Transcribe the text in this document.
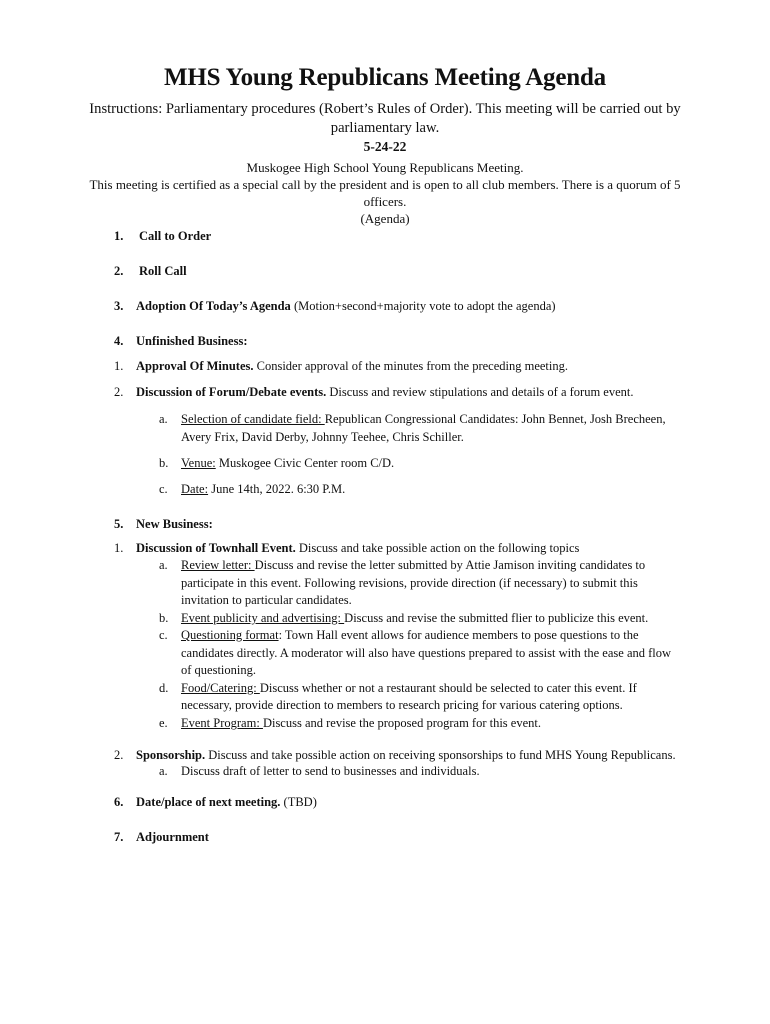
MHS Young Republicans Meeting Agenda
Instructions: Parliamentary procedures (Robert’s Rules of Order). This meeting will be carried out by
parliamentary law.
5-24-22
Muskogee High School Young Republicans Meeting.
This meeting is certified as a special call by the president and is open to all club members. There is a quorum of 5
officers.
(Agenda)
1. Call to Order
2. Roll Call
3. Adoption Of Today’s Agenda (Motion+second+majority vote to adopt the agenda)
4. Unfinished Business:
1. Approval Of Minutes. Consider approval of the minutes from the preceding meeting.
2. Discussion of Forum/Debate events. Discuss and review stipulations and details of a forum event.
a. Selection of candidate field: Republican Congressional Candidates: John Bennet, Josh Brecheen,
Avery Frix, David Derby, Johnny Teehee, Chris Schiller.
b. Venue: Muskogee Civic Center room C/D.
c. Date: June 14th, 2022. 6:30 P.M.
5. New Business:
1. Discussion of Townhall Event. Discuss and take possible action on the following topics
a. Review letter: Discuss and revise the letter submitted by Attie Jamison inviting candidates to
participate in this event. Following revisions, provide direction (if necessary) to submit this
invitation to particular candidates.
b. Event publicity and advertising: Discuss and revise the submitted flier to publicize this event.
c. Questioning format: Town Hall event allows for audience members to pose questions to the
candidates directly. A moderator will also have questions prepared to assist with the ease and flow
of questioning.
d. Food/Catering: Discuss whether or not a restaurant should be selected to cater this event. If
necessary, provide direction to members to research pricing for various catering options.
e. Event Program: Discuss and revise the proposed program for this event.
2. Sponsorship. Discuss and take possible action on receiving sponsorships to fund MHS Young Republicans.
a. Discuss draft of letter to send to businesses and individuals.
6. Date/place of next meeting. (TBD)
7. Adjournment
